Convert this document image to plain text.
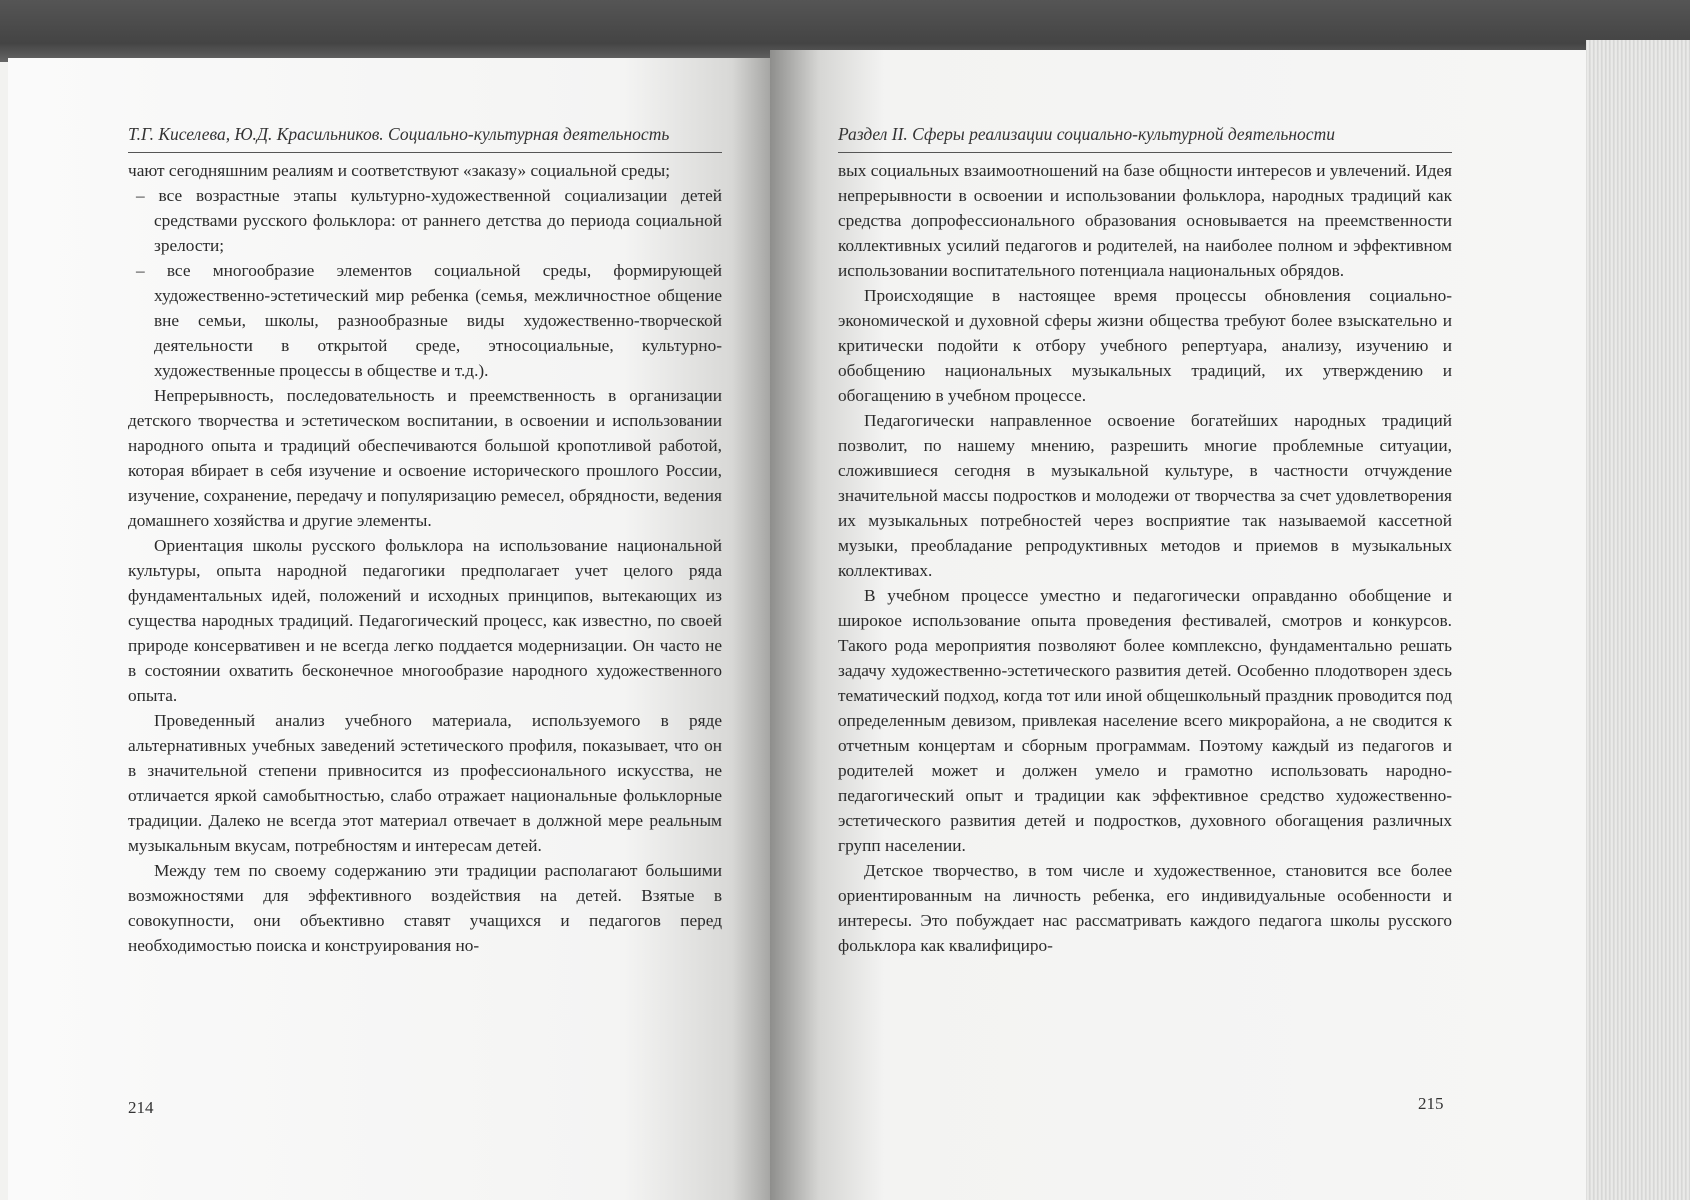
Т.Г. Киселева, Ю.Д. Красильников. Социально-культурная деятельность

чают сегодняшним реалиям и соответствуют «заказу» социальной среды;

– все возрастные этапы культурно-художественной социализации детей средствами русского фольклора: от раннего детства до периода социальной зрелости;

– все многообразие элементов социальной среды, формирующей художественно-эстетический мир ребенка (семья, межличностное общение вне семьи, школы, разнообразные виды художественно-творческой деятельности в открытой среде, этносоциальные, культурно-художественные процессы в обществе и т.д.).

Непрерывность, последовательность и преемственность в организации детского творчества и эстетическом воспитании, в освоении и использовании народного опыта и традиций обеспечиваются большой кропотливой работой, которая вбирает в себя изучение и освоение исторического прошлого России, изучение, сохранение, передачу и популяризацию ремесел, обрядности, ведения домашнего хозяйства и другие элементы.

Ориентация школы русского фольклора на использование национальной культуры, опыта народной педагогики предполагает учет целого ряда фундаментальных идей, положений и исходных принципов, вытекающих из существа народных традиций. Педагогический процесс, как известно, по своей природе консервативен и не всегда легко поддается модернизации. Он часто не в состоянии охватить бесконечное многообразие народного художественного опыта.

Проведенный анализ учебного материала, используемого в ряде альтернативных учебных заведений эстетического профиля, показывает, что он в значительной степени привносится из профессионального искусства, не отличается яркой самобытностью, слабо отражает национальные фольклорные традиции. Далеко не всегда этот материал отвечает в должной мере реальным музыкальным вкусам, потребностям и интересам детей.

Между тем по своему содержанию эти традиции располагают большими возможностями для эффективного воздействия на детей. Взятые в совокупности, они объективно ставят учащихся и педагогов перед необходимостью поиска и конструирования но-

214
Раздел II. Сферы реализации социально-культурной деятельности

вых социальных взаимоотношений на базе общности интересов и увлечений. Идея непрерывности в освоении и использовании фольклора, народных традиций как средства допрофессионального образования основывается на преемственности коллективных усилий педагогов и родителей, на наиболее полном и эффективном использовании воспитательного потенциала национальных обрядов.

Происходящие в настоящее время процессы обновления социально-экономической и духовной сферы жизни общества требуют более взыскательно и критически подойти к отбору учебного репертуара, анализу, изучению и обобщению национальных музыкальных традиций, их утверждению и обогащению в учебном процессе.

Педагогически направленное освоение богатейших народных традиций позволит, по нашему мнению, разрешить многие проблемные ситуации, сложившиеся сегодня в музыкальной культуре, в частности отчуждение значительной массы подростков и молодежи от творчества за счет удовлетворения их музыкальных потребностей через восприятие так называемой кассетной музыки, преобладание репродуктивных методов и приемов в музыкальных коллективах.

В учебном процессе уместно и педагогически оправданно обобщение и широкое использование опыта проведения фестивалей, смотров и конкурсов. Такого рода мероприятия позволяют более комплексно, фундаментально решать задачу художественно-эстетического развития детей. Особенно плодотворен здесь тематический подход, когда тот или иной общешкольный праздник проводится под определенным девизом, привлекая население всего микрорайона, а не сводится к отчетным концертам и сборным программам. Поэтому каждый из педагогов и родителей может и должен умело и грамотно использовать народно-педагогический опыт и традиции как эффективное средство художественно-эстетического развития детей и подростков, духовного обогащения различных групп населении.

Детское творчество, в том числе и художественное, становится все более ориентированным на личность ребенка, его индивидуальные особенности и интересы. Это побуждает нас рассматривать каждого педагога школы русского фольклора как квалифициро-

215
